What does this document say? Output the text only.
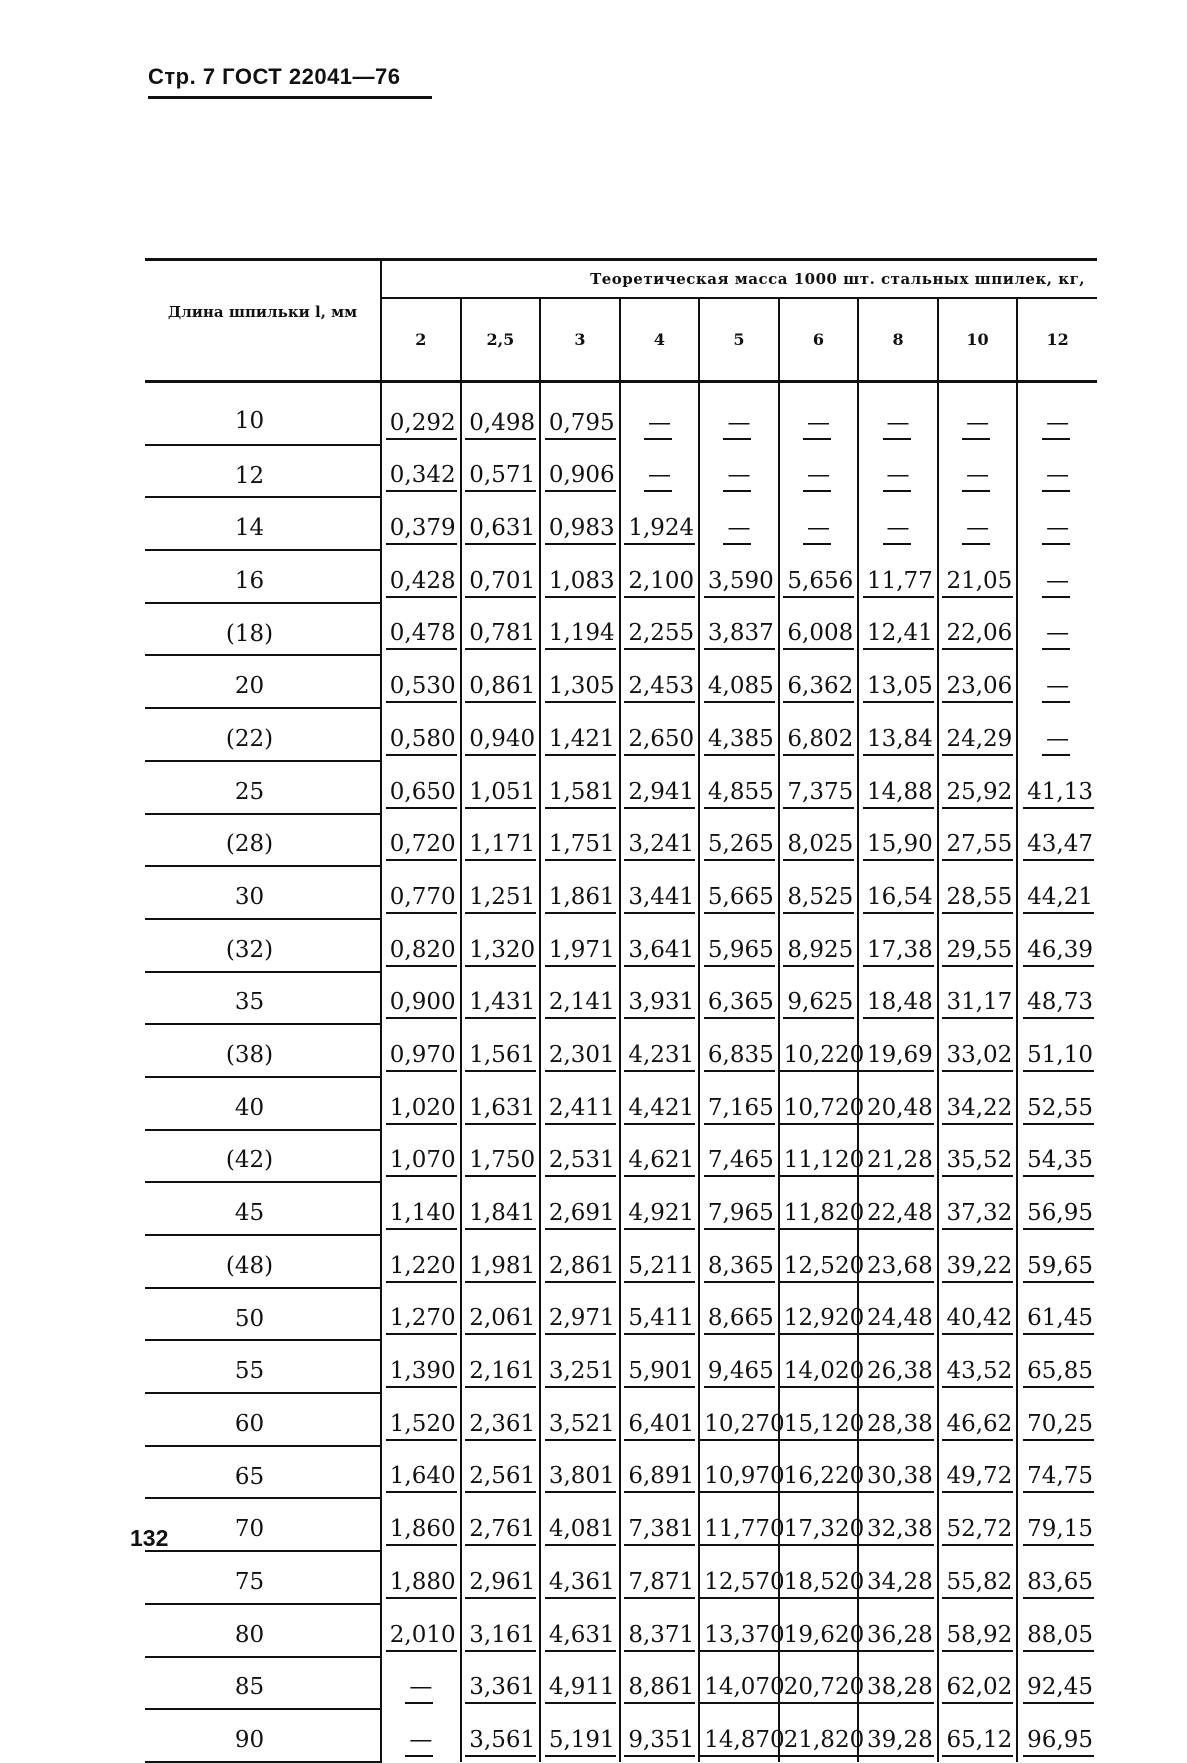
Стр. 7 ГОСТ 22041—76
Длина шпильки l, мм	Теоретическая масса 1000 шт. стальных шпилек, кг,								
	2	2,5	3	4	5	6	8	10	12
10	0,292	0,498	0,795	—	—	—	—	—	—
12	0,342	0,571	0,906	—	—	—	—	—	—
14	0,379	0,631	0,983	1,924	—	—	—	—	—
16	0,428	0,701	1,083	2,100	3,590	5,656	11,77	21,05	—
(18)	0,478	0,781	1,194	2,255	3,837	6,008	12,41	22,06	—
20	0,530	0,861	1,305	2,453	4,085	6,362	13,05	23,06	—
(22)	0,580	0,940	1,421	2,650	4,385	6,802	13,84	24,29	—
25	0,650	1,051	1,581	2,941	4,855	7,375	14,88	25,92	41,13
(28)	0,720	1,171	1,751	3,241	5,265	8,025	15,90	27,55	43,47
30	0,770	1,251	1,861	3,441	5,665	8,525	16,54	28,55	44,21
(32)	0,820	1,320	1,971	3,641	5,965	8,925	17,38	29,55	46,39
35	0,900	1,431	2,141	3,931	6,365	9,625	18,48	31,17	48,73
(38)	0,970	1,561	2,301	4,231	6,835	10,220	19,69	33,02	51,10
40	1,020	1,631	2,411	4,421	7,165	10,720	20,48	34,22	52,55
(42)	1,070	1,750	2,531	4,621	7,465	11,120	21,28	35,52	54,35
45	1,140	1,841	2,691	4,921	7,965	11,820	22,48	37,32	56,95
(48)	1,220	1,981	2,861	5,211	8,365	12,520	23,68	39,22	59,65
50	1,270	2,061	2,971	5,411	8,665	12,920	24,48	40,42	61,45
55	1,390	2,161	3,251	5,901	9,465	14,020	26,38	43,52	65,85
60	1,520	2,361	3,521	6,401	10,270	15,120	28,38	46,62	70,25
65	1,640	2,561	3,801	6,891	10,970	16,220	30,38	49,72	74,75
70	1,860	2,761	4,081	7,381	11,770	17,320	32,38	52,72	79,15
75	1,880	2,961	4,361	7,871	12,570	18,520	34,28	55,82	83,65
80	2,010	3,161	4,631	8,371	13,370	19,620	36,28	58,92	88,05
85	—	3,361	4,911	8,861	14,070	20,720	38,28	62,02	92,45
90	—	3,561	5,191	9,351	14,870	21,820	39,28	65,12	96,95
132
